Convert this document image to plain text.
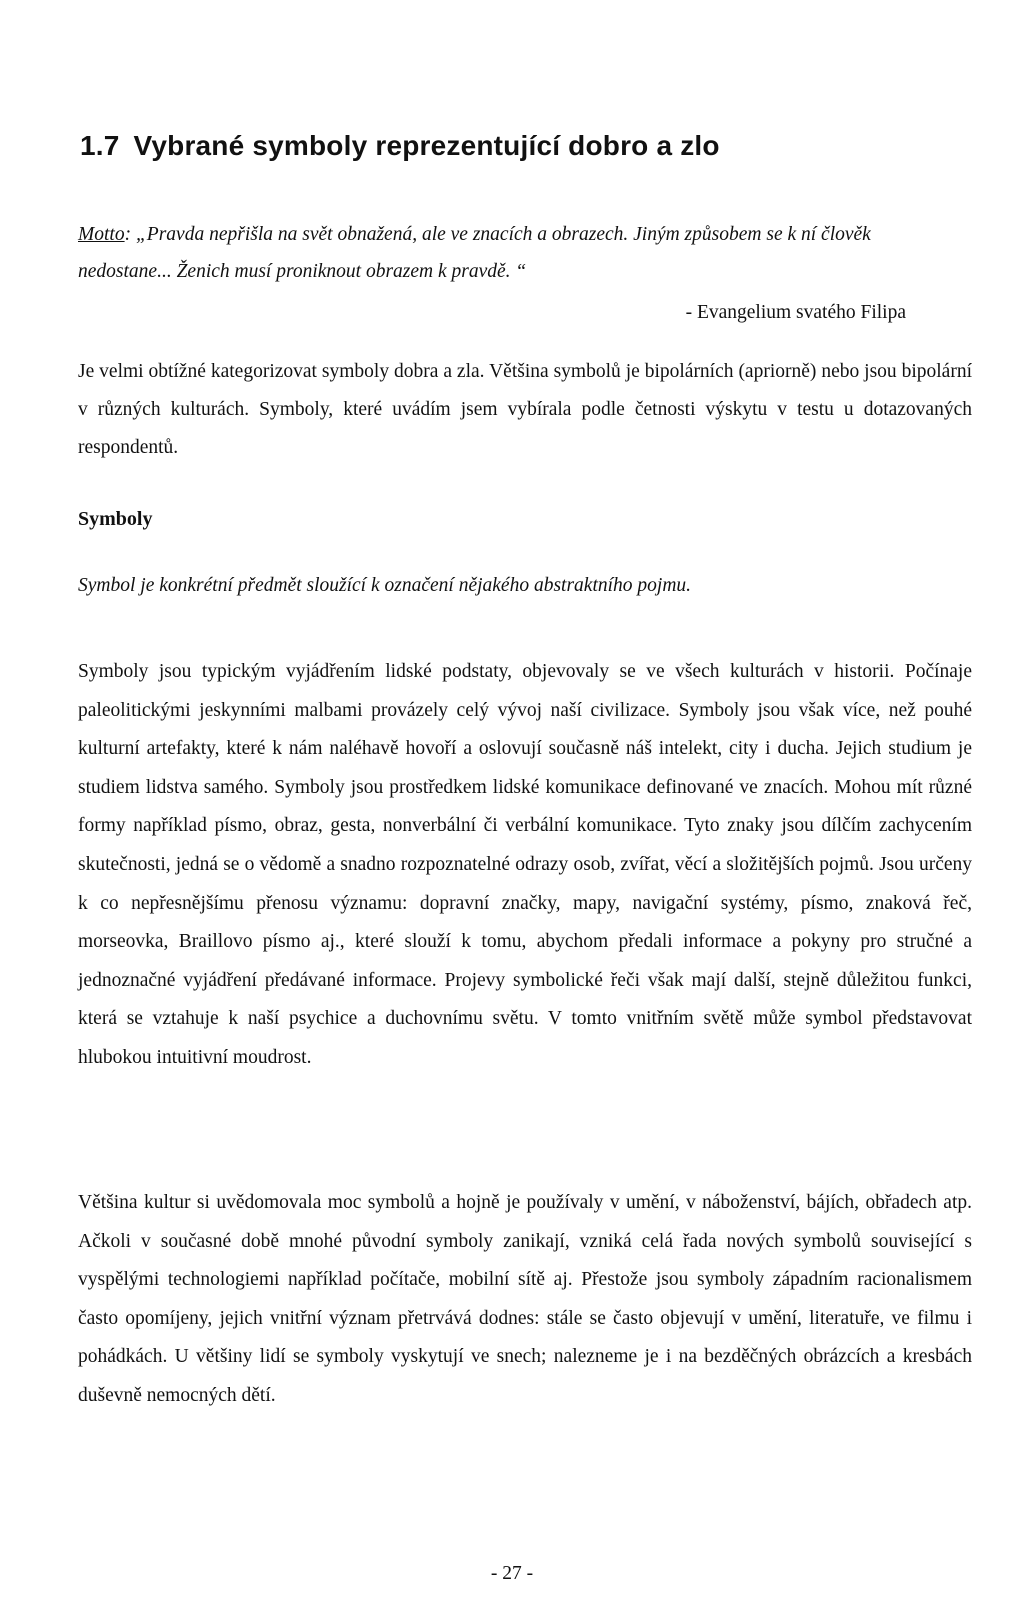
1.7 Vybrané symboly reprezentující dobro a zlo
Motto: „Pravda nepřišla na svět obnažená, ale ve znacích a obrazech. Jiným způsobem se k ní člověk nedostane... Ženich musí proniknout obrazem k pravdě. “
- Evangelium svatého Filipa

Je velmi obtížné kategorizovat symboly dobra a zla. Většina symbolů je bipolárních (apriorně) nebo jsou bipolární v různých kulturách. Symboly, které uvádím jsem vybírala podle četnosti výskytu v testu u dotazovaných respondentů.

Symboly

Symbol je konkrétní předmět sloužící k označení nějakého abstraktního pojmu.

Symboly jsou typickým vyjádřením lidské podstaty, objevovaly se ve všech kulturách v historii. Počínaje paleolitickými jeskynními malbami provázely celý vývoj naší civilizace. Symboly jsou však více, než pouhé kulturní artefakty, které k nám naléhavě hovoří a oslovují současně náš intelekt, city i ducha. Jejich studium je studiem lidstva samého. Symboly jsou prostředkem lidské komunikace definované ve znacích. Mohou mít různé formy například písmo, obraz, gesta, nonverbální či verbální komunikace. Tyto znaky jsou dílčím zachycením skutečnosti, jedná se o vědomě a snadno rozpoznatelné odrazy osob, zvířat, věcí a složitějších pojmů. Jsou určeny k co nepřesnějšímu přenosu významu: dopravní značky, mapy, navigační systémy, písmo, znaková řeč, morseovka, Braillovo písmo aj., které slouží k tomu, abychom předali informace a pokyny pro stručné a jednoznačné vyjádření předávané informace. Projevy symbolické řeči však mají další, stejně důležitou funkci, která se vztahuje k naší psychice a duchovnímu světu. V tomto vnitřním světě může symbol představovat hlubokou intuitivní moudrost.

Většina kultur si uvědomovala moc symbolů a hojně je používaly v umění, v náboženství, bájích, obřadech atp. Ačkoli v současné době mnohé původní symboly zanikají, vzniká celá řada nových symbolů související s vyspělými technologiemi například počítače, mobilní sítě aj. Přestože jsou symboly západním racionalismem často opomíjeny, jejich vnitřní význam přetrvává dodnes: stále se často objevují v umění, literatuře, ve filmu i pohádkách. U většiny lidí se symboly vyskytují ve snech; nalezneme je i na bezděčných obrázcích a kresbách duševně nemocných dětí.

- 27 -
